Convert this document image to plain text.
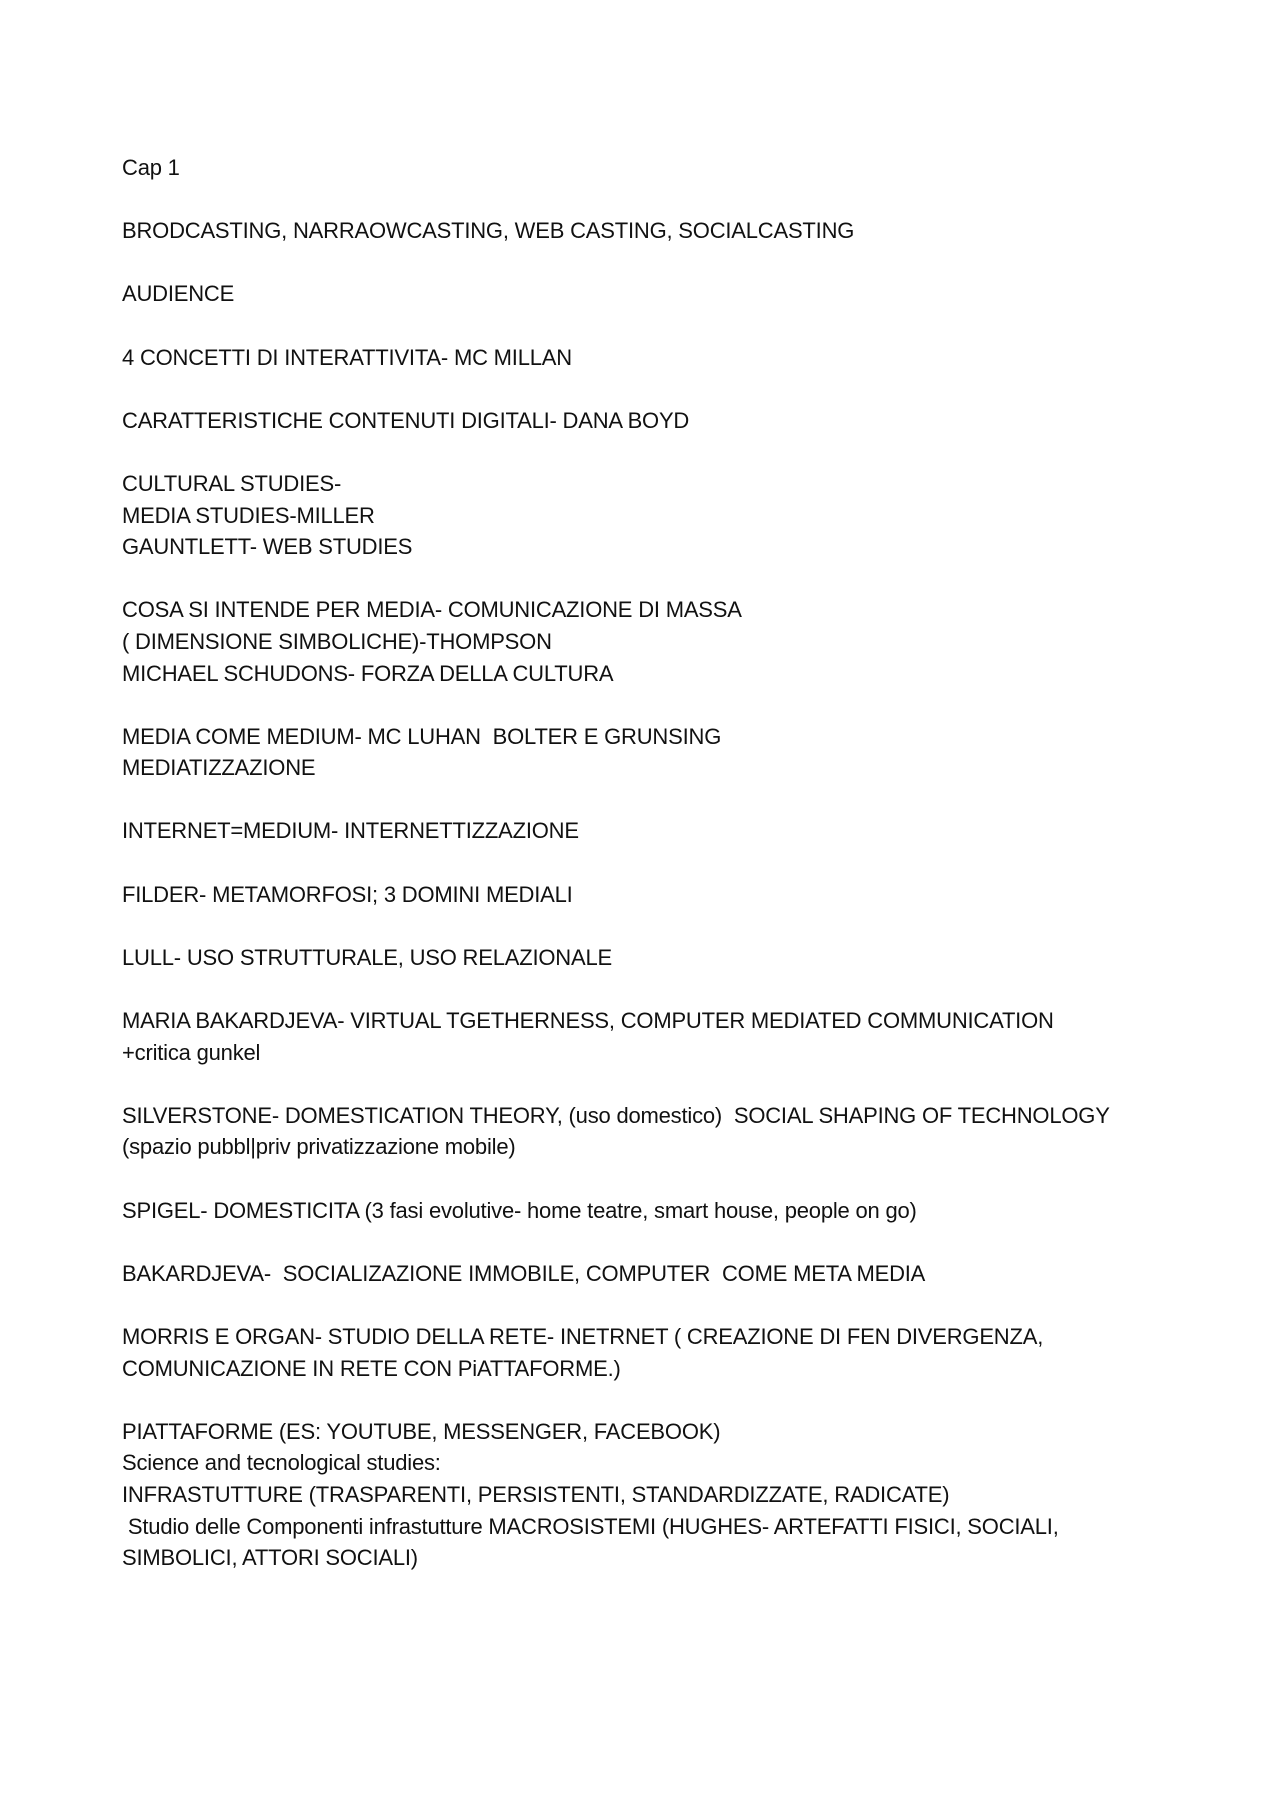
Cap 1
BRODCASTING, NARRAOWCASTING, WEB CASTING, SOCIALCASTING
AUDIENCE
4 CONCETTI DI INTERATTIVITA- MC MILLAN
CARATTERISTICHE CONTENUTI DIGITALI- DANA BOYD
CULTURAL STUDIES-
MEDIA STUDIES-MILLER
GAUNTLETT- WEB STUDIES
COSA SI INTENDE PER MEDIA- COMUNICAZIONE DI MASSA
( DIMENSIONE SIMBOLICHE)-THOMPSON
MICHAEL SCHUDONS- FORZA DELLA CULTURA
MEDIA COME MEDIUM- MC LUHAN  BOLTER E GRUNSING
MEDIATIZZAZIONE
INTERNET=MEDIUM- INTERNETTIZZAZIONE
FILDER- METAMORFOSI; 3 DOMINI MEDIALI
LULL- USO STRUTTURALE, USO RELAZIONALE
MARIA BAKARDJEVA- VIRTUAL TGETHERNESS, COMPUTER MEDIATED COMMUNICATION
+critica gunkel
SILVERSTONE- DOMESTICATION THEORY, (uso domestico)  SOCIAL SHAPING OF TECHNOLOGY
(spazio pubbl|priv privatizzazione mobile)
SPIGEL- DOMESTICITA (3 fasi evolutive- home teatre, smart house, people on go)
BAKARDJEVA-  SOCIALIZAZIONE IMMOBILE, COMPUTER  COME META MEDIA
MORRIS E ORGAN- STUDIO DELLA RETE- INETRNET ( CREAZIONE DI FEN DIVERGENZA,
COMUNICAZIONE IN RETE CON PiATTAFORME.)
PIATTAFORME (ES: YOUTUBE, MESSENGER, FACEBOOK)
Science and tecnological studies:
INFRASTUTTURE (TRASPARENTI, PERSISTENTI, STANDARDIZZATE, RADICATE)
Studio delle Componenti infrastutture MACROSISTEMI (HUGHES- ARTEFATTI FISICI, SOCIALI,
SIMBOLICI, ATTORI SOCIALI)
